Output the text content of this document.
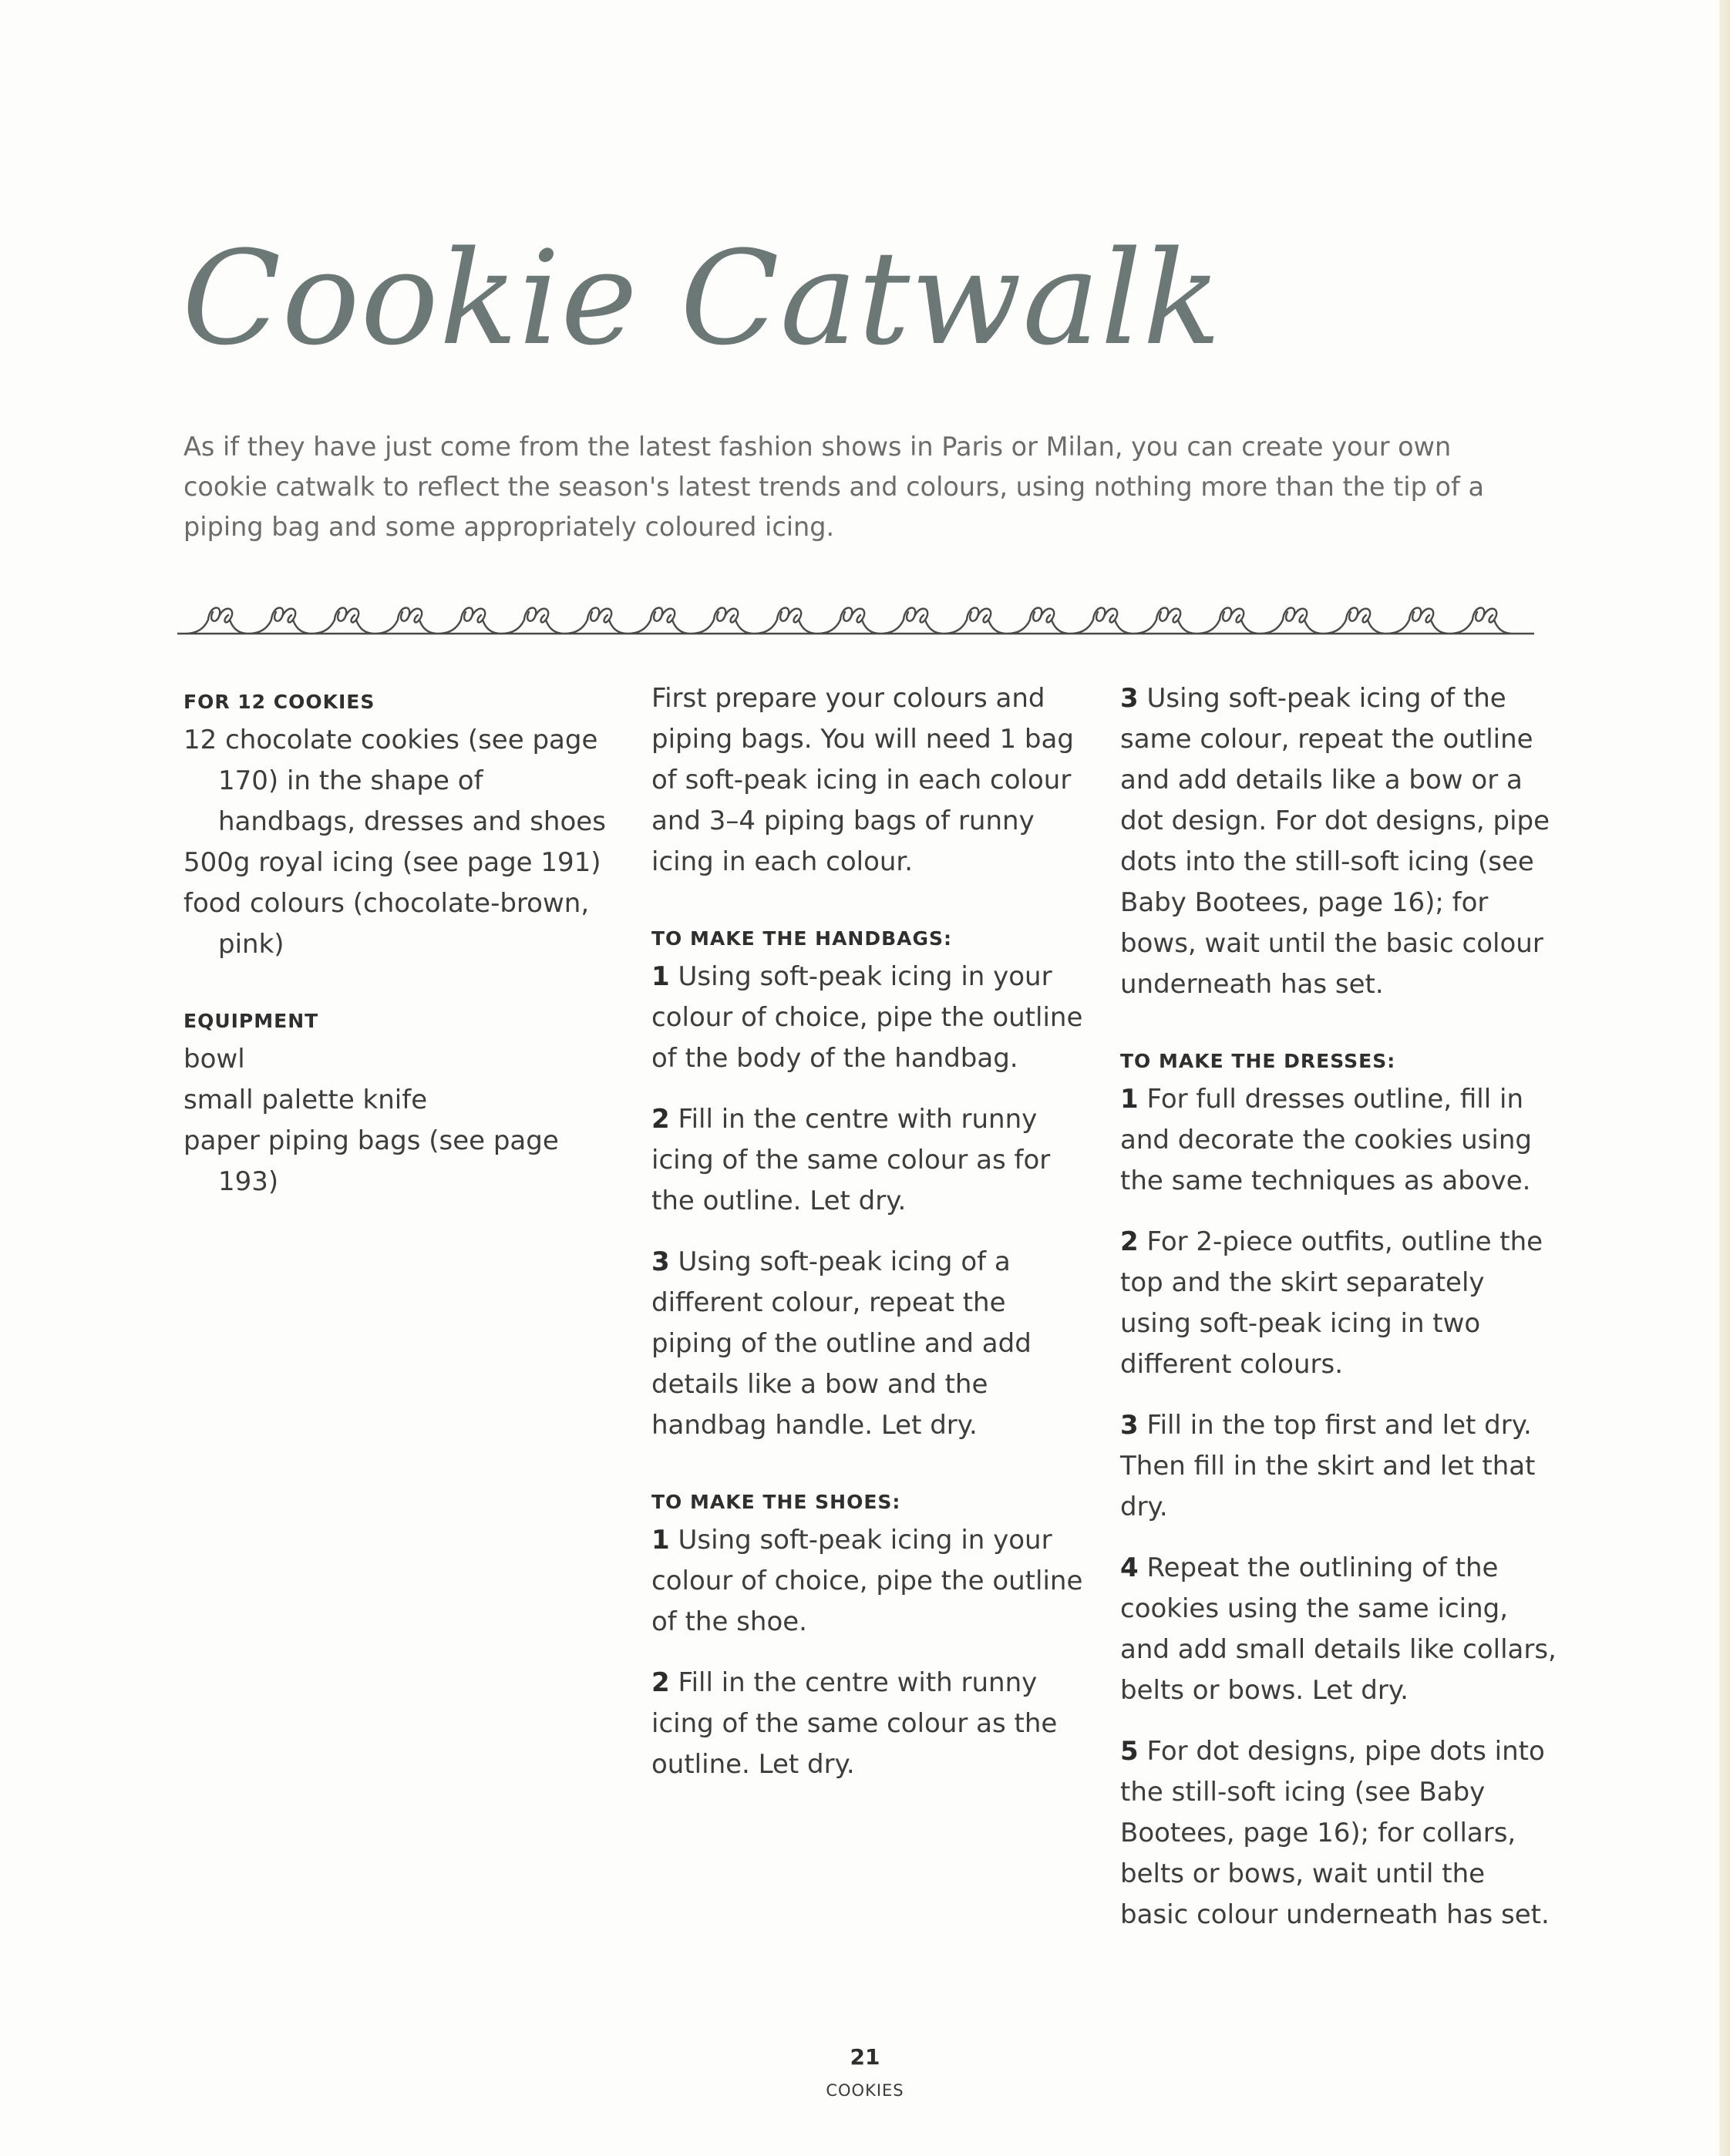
Cookie Catwalk

As if they have just come from the latest fashion shows in Paris or Milan, you can create your own cookie catwalk to reflect the season's latest trends and colours, using nothing more than the tip of a piping bag and some appropriately coloured icing.

FOR 12 COOKIES

12 chocolate cookies (see page 170) in the shape of handbags, dresses and shoes
500g royal icing (see page 191)
food colours (chocolate-brown, pink)

EQUIPMENT

bowl
small palette knife
paper piping bags (see page 193)

First prepare your colours and piping bags. You will need 1 bag of soft-peak icing in each colour and 3–4 piping bags of runny icing in each colour.

TO MAKE THE HANDBAGS :

1 Using soft-peak icing in your colour of choice, pipe the outline of the body of the handbag.

2 Fill in the centre with runny icing of the same colour as for the outline. Let dry.

3 Using soft-peak icing of a different colour, repeat the piping of the outline and add details like a bow and the handbag handle. Let dry.

TO MAKE THE SHOES :

1 Using soft-peak icing in your colour of choice, pipe the outline of the shoe.

2 Fill in the centre with runny icing of the same colour as the outline. Let dry.

3 Using soft-peak icing of the same colour, repeat the outline and add details like a bow or a dot design. For dot designs, pipe dots into the still-soft icing (see Baby Bootees, page 16); for bows, wait until the basic colour underneath has set.

TO MAKE THE DRESSES :

1 For full dresses outline, fill in and decorate the cookies using the same techniques as above.

2 For 2-piece outfits, outline the top and the skirt separately using soft-peak icing in two different colours.

3 Fill in the top first and let dry. Then fill in the skirt and let that dry.

4 Repeat the outlining of the cookies using the same icing, and add small details like collars, belts or bows. Let dry.

5 For dot designs, pipe dots into the still-soft icing (see Baby Bootees, page 16); for collars, belts or bows, wait until the basic colour underneath has set.

21
COOKIES
